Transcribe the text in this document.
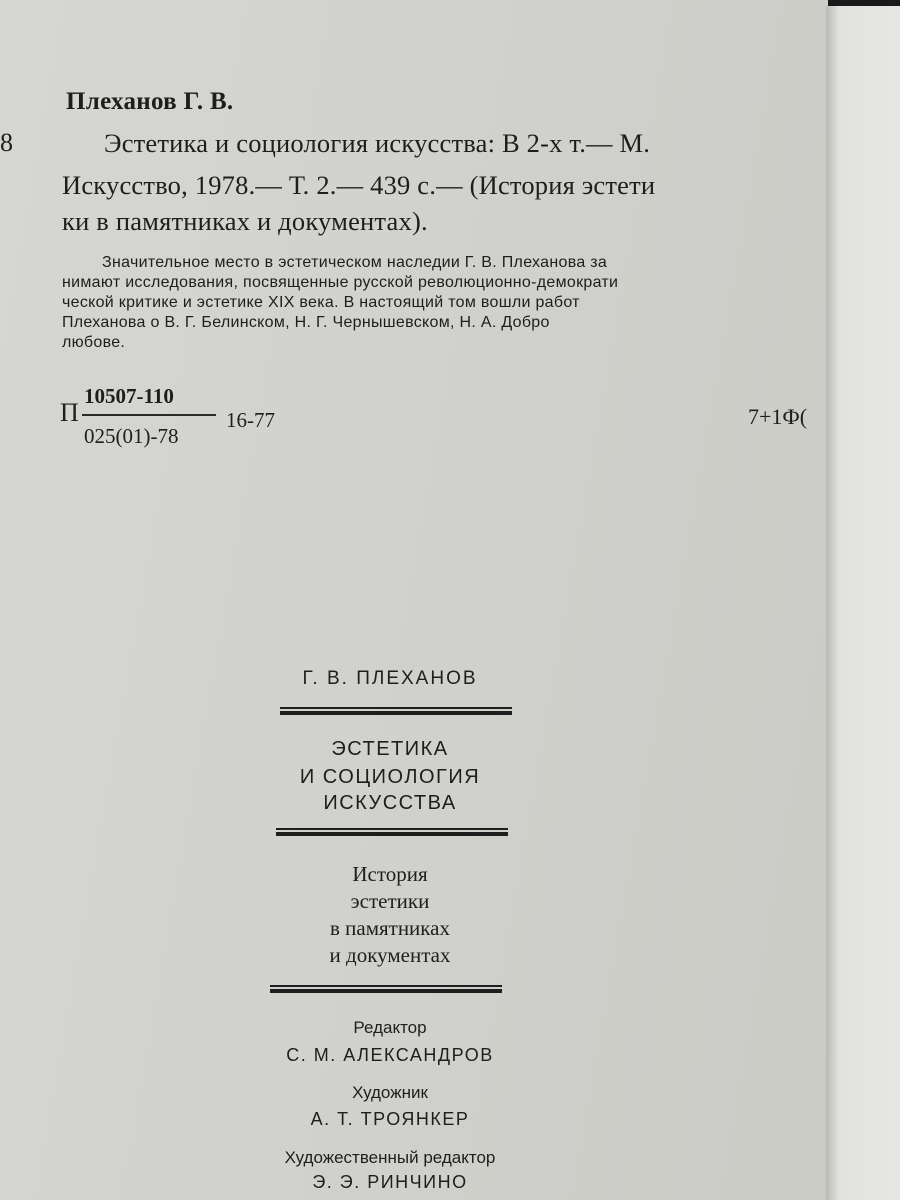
Плеханов Г. В.
8	Эстетика и социология искусства: В 2-х т.— М.
Искусство, 1978.— Т. 2.— 439 с.— (История эстети
ки в памятниках и документах).
Значительное место в эстетическом наследии Г. В. Плеханова за
нимают исследования, посвященные русской революционно-демократи
ческой критике и эстетике XIX века. В настоящий том вошли работ
Плеханова о В. Г. Белинском, Н. Г. Чернышевском, Н. А. Добро
любове.
П
10507-110
025(01)-78
16-77	7+1Ф(
Г. В. ПЛЕХАНОВ
ЭСТЕТИКА
И СОЦИОЛОГИЯ
ИСКУССТВА
История
эстетики
в памятниках
и документах
Редактор
С. М. АЛЕКСАНДРОВ
Художник
А. Т. ТРОЯНКЕР
Художественный редактор
Э. Э. РИНЧИНО
